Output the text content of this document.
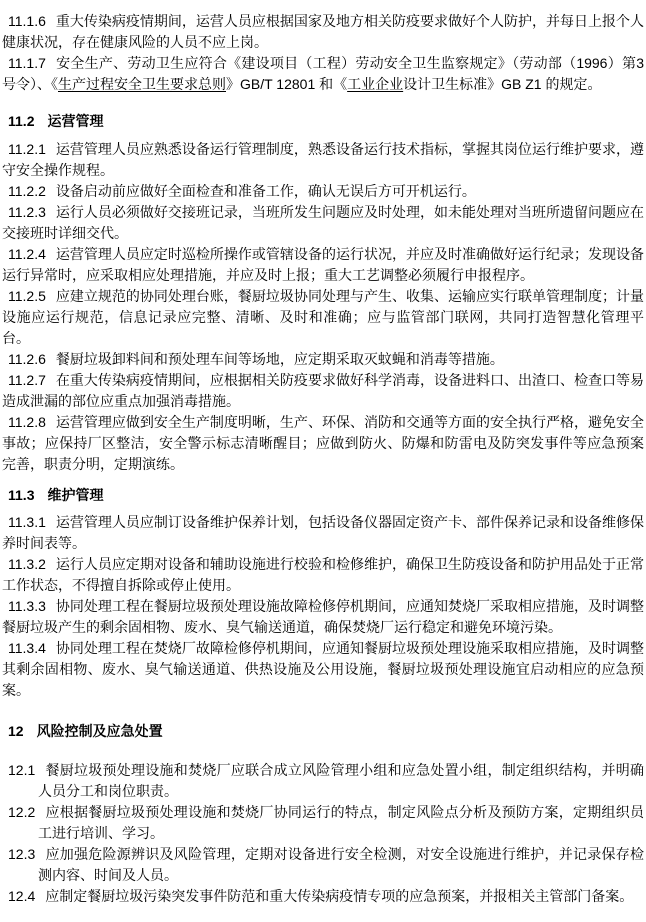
11.1.6 重大传染病疫情期间，运营人员应根据国家及地方相关防疫要求做好个人防护，并每日上报个人健康状况，存在健康风险的人员不应上岗。

11.1.7 安全生产、劳动卫生应符合《建设项目（工程）劳动安全卫生监察规定》（劳动部（1996）第3号令）、《生产过程安全卫生要求总则》GB/T 12801 和《工业企业设计卫生标准》GB Z1 的规定。

11.2 运营管理

11.2.1 运营管理人员应熟悉设备运行管理制度，熟悉设备运行技术指标，掌握其岗位运行维护要求，遵守安全操作规程。

11.2.2 设备启动前应做好全面检查和准备工作，确认无误后方可开机运行。

11.2.3 运行人员必须做好交接班记录，当班所发生问题应及时处理，如未能处理对当班所遗留问题应在交接班时详细交代。

11.2.4 运营管理人员应定时巡检所操作或管辖设备的运行状况，并应及时准确做好运行纪录；发现设备运行异常时，应采取相应处理措施，并应及时上报；重大工艺调整必须履行申报程序。

11.2.5 应建立规范的协同处理台账，餐厨垃圾协同处理与产生、收集、运输应实行联单管理制度；计量设施应运行规范，信息记录应完整、清晰、及时和准确；应与监管部门联网，共同打造智慧化管理平台。

11.2.6 餐厨垃圾卸料间和预处理车间等场地，应定期采取灭蚊蝇和消毒等措施。

11.2.7 在重大传染病疫情期间，应根据相关防疫要求做好科学消毒，设备进料口、出渣口、检查口等易造成泄漏的部位应重点加强消毒措施。

11.2.8 运营管理应做到安全生产制度明晰，生产、环保、消防和交通等方面的安全执行严格，避免安全事故；应保持厂区整洁，安全警示标志清晰醒目；应做到防火、防爆和防雷电及防突发事件等应急预案完善，职责分明，定期演练。

11.3 维护管理

11.3.1 运营管理人员应制订设备维护保养计划，包括设备仪器固定资产卡、部件保养记录和设备维修保养时间表等。

11.3.2 运行人员应定期对设备和辅助设施进行校验和检修维护，确保卫生防疫设备和防护用品处于正常工作状态，不得擅自拆除或停止使用。

11.3.3 协同处理工程在餐厨垃圾预处理设施故障检修停机期间，应通知焚烧厂采取相应措施，及时调整餐厨垃圾产生的剩余固相物、废水、臭气输送通道，确保焚烧厂运行稳定和避免环境污染。

11.3.4 协同处理工程在焚烧厂故障检修停机期间，应通知餐厨垃圾预处理设施采取相应措施，及时调整其剩余固相物、废水、臭气输送通道、供热设施及公用设施，餐厨垃圾预处理设施宜启动相应的应急预案。

12 风险控制及应急处置

12.1 餐厨垃圾预处理设施和焚烧厂应联合成立风险管理小组和应急处置小组，制定组织结构，并明确人员分工和岗位职责。

12.2 应根据餐厨垃圾预处理设施和焚烧厂协同运行的特点，制定风险点分析及预防方案，定期组织员工进行培训、学习。

12.3 应加强危险源辨识及风险管理，定期对设备进行安全检测，对安全设施进行维护，并记录保存检测内容、时间及人员。

12.4 应制定餐厨垃圾污染突发事件防范和重大传染病疫情专项的应急预案，并报相关主管部门备案。
